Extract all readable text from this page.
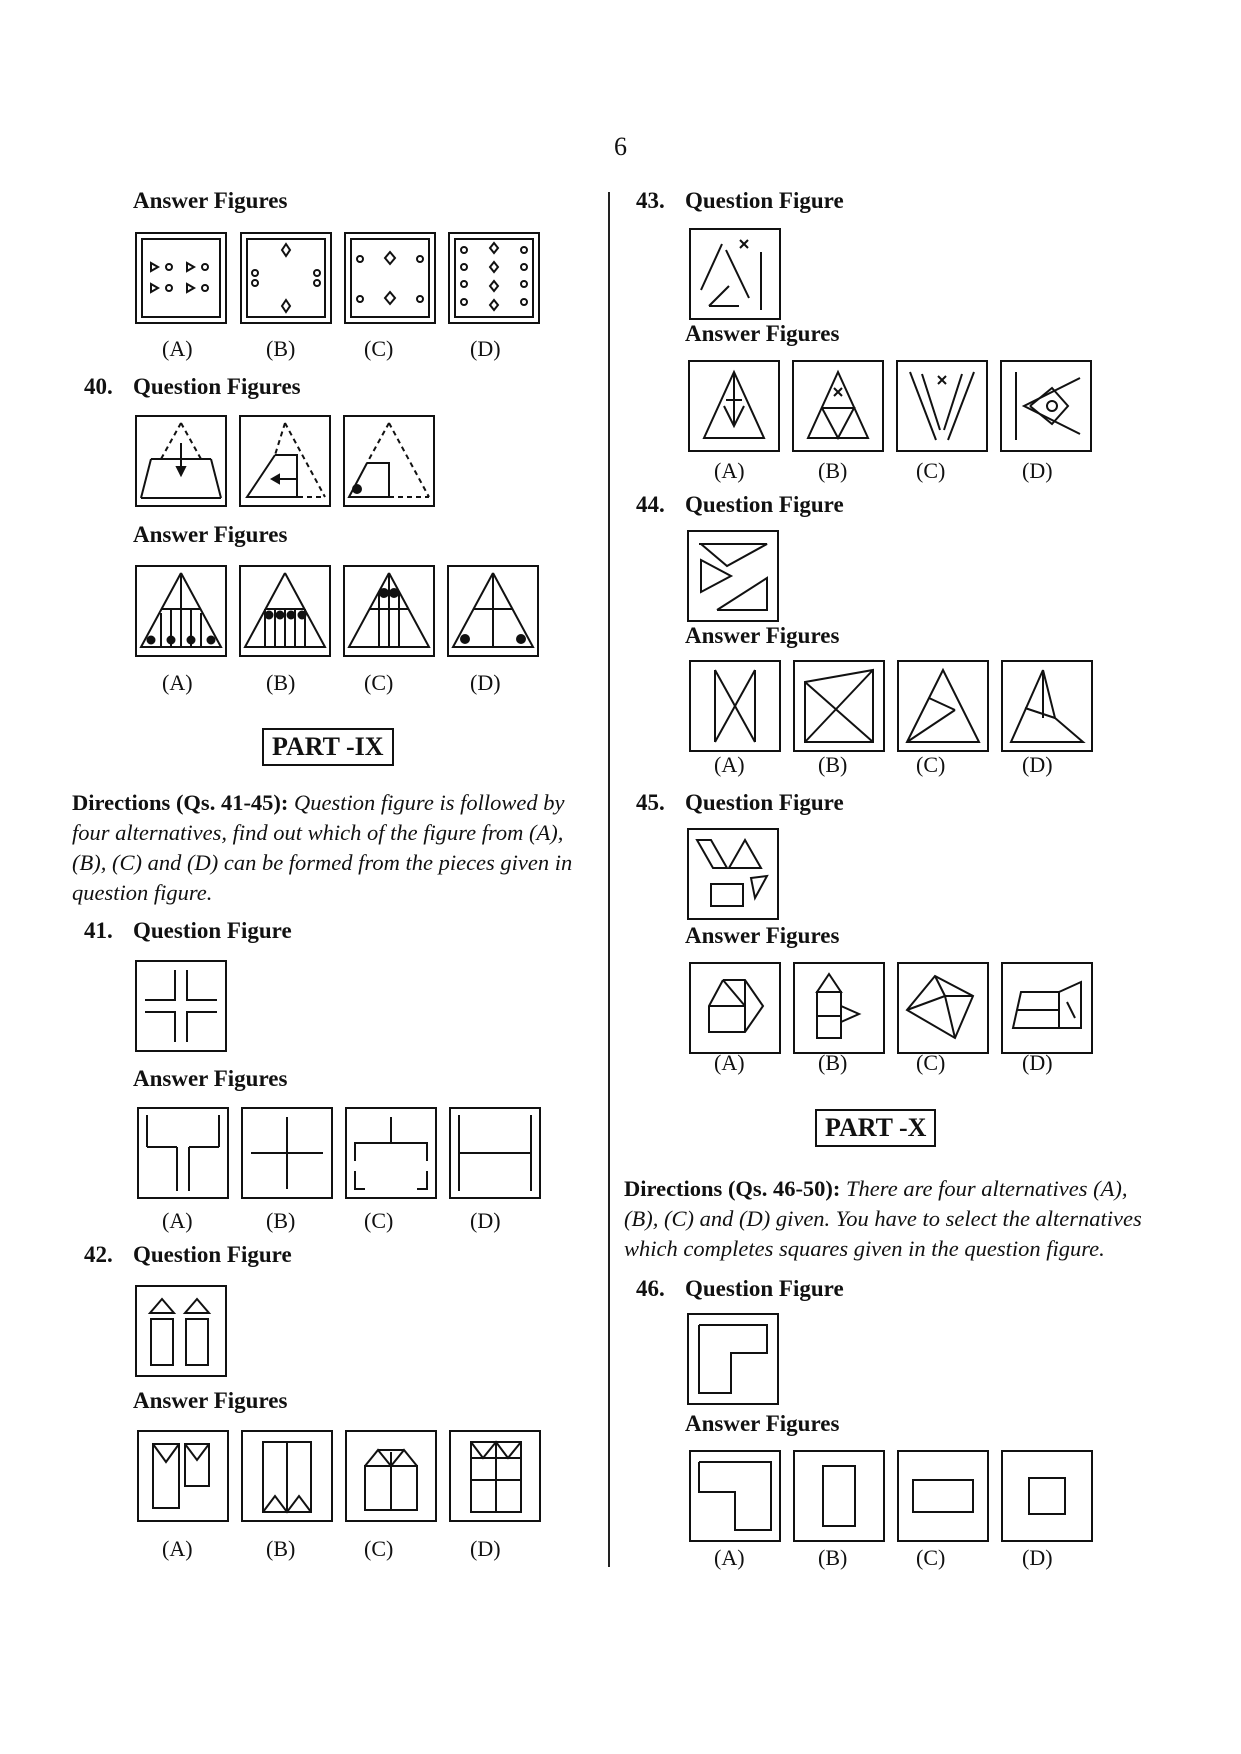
6
Answer Figures
(A)	(B)	(C)	(D)
40. Question Figures
Answer Figures
(A)	(B)	(C)	(D)
PART -IX
Directions (Qs. 41-45): Question figure is followed by four alternatives, find out which of the figure from (A), (B), (C) and (D) can be formed from the pieces given in question figure.
41. Question Figure
Answer Figures
(A)	(B)	(C)	(D)
42. Question Figure
Answer Figures
(A)	(B)	(C)	(D)
43. Question Figure
Answer Figures
(A)	(B)	(C)	(D)
44. Question Figure
Answer Figures
(A)	(B)	(C)	(D)
45. Question Figure
Answer Figures
(A)	(B)	(C)	(D)
PART -X
Directions (Qs. 46-50): There are four alternatives (A), (B), (C) and (D) given. You have to select the alternatives which completes squares given in the question figure.
46. Question Figure
Answer Figures
(A)	(B)	(C)	(D)
